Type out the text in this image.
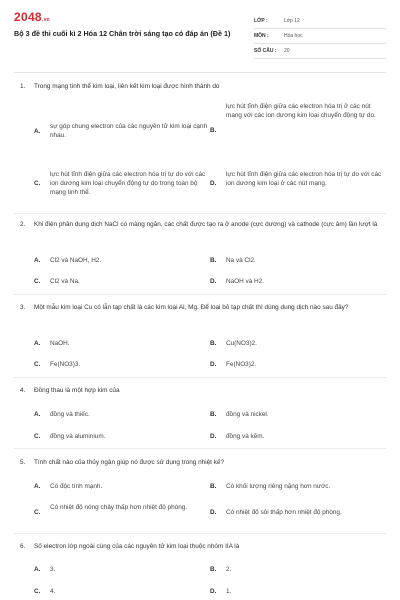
2048.vn
Bộ 3 đề thi cuối kì 2 Hóa 12 Chân trời sáng tạo có đáp án (Đề 1)
LỚP :	Lớp 12
MÔN :	Hóa học
SỐ CÂU : 20
1. Trong mạng tinh thể kim loại, liên kết kim loại được hình thành do
A.
sự góp chung electron của các nguyên tử kim loại cạnh nhau.
B.
lực hút tĩnh điện giữa các electron hóa trị ở các nút mạng với các ion dương kim loại chuyển động tự do.
C.
lực hút tĩnh điện giữa các electron hóa trị tự do với các ion dương kim loại chuyển động tự do trong toàn bộ mạng tinh thể.
D.
lực hút tĩnh điện giữa các electron hóa trị tự do với các ion dương kim loại ở các nút mạng.
2. Khi điện phân dung dịch NaCl có màng ngăn, các chất được tạo ra ở anode (cực dương) và cathode (cực âm) lần lượt là
A. Cl2 và NaOH, H2.	B. Na và Cl2.
C. Cl2 và Na.	D. NaOH và H2.
3. Một mẫu kim loại Cu có lẫn tạp chất là các kim loại Al, Mg. Để loại bỏ tạp chất thì dùng dung dịch nào sau đây?
A. NaOH.	B. Cu(NO3)2.
C. Fe(NO3)3.	D. Fe(NO3)2.
4. Đồng thau là một hợp kim của
A. đồng và thiếc.	B. đồng và nickel.
C. đồng và aluminium.	D. đồng và kẽm.
5. Tính chất nào của thủy ngân giúp nó được sử dụng trong nhiệt kế?
A. Có độc tính mạnh.	B. Có khối lượng riêng nặng hơn nước.
C.
Có nhiệt độ nóng chảy thấp hơn nhiệt độ phòng.
D. Có nhiệt độ sôi thấp hơn nhiệt độ phòng.
6. Số electron lớp ngoài cùng của các nguyên tử kim loại thuộc nhóm IIA là
A. 3.	B. 2.
C. 4.	D. 1.
